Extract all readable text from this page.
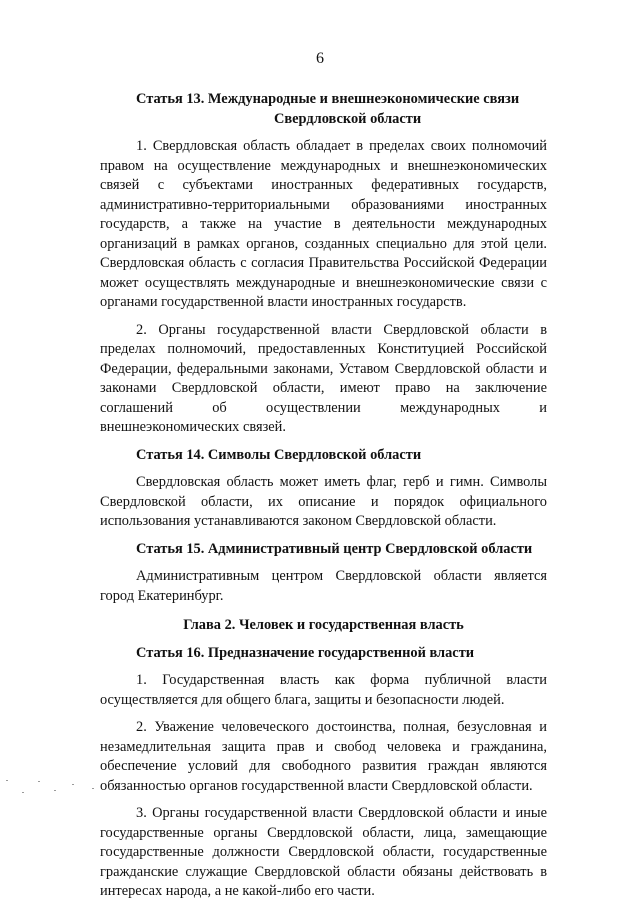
6
Статья 13. Международные и внешнеэкономические связи
Свердловской области

1. Свердловская область обладает в пределах своих полномочий правом на осуществление международных и внешнеэкономических связей с субъектами иностранных федеративных государств, административно-территориальными образованиями иностранных государств, а также на участие в деятельности международных организаций в рамках органов, созданных специально для этой цели. Свердловская область с согласия Правительства Российской Федерации может осуществлять международные и внешнеэкономические связи с органами государственной власти иностранных государств.

2. Органы государственной власти Свердловской области в пределах полномочий, предоставленных Конституцией Российской Федерации, федеральными законами, Уставом Свердловской области и законами Свердловской области, имеют право на заключение соглашений об осуществлении международных и внешнеэкономических связей.

Статья 14. Символы Свердловской области

Свердловская область может иметь флаг, герб и гимн. Символы Свердловской области, их описание и порядок официального использования устанавливаются законом Свердловской области.

Статья 15. Административный центр Свердловской области

Административным центром Свердловской области является город Екатеринбург.

Глава 2. Человек и государственная власть
Статья 16. Предназначение государственной власти

1. Государственная власть как форма публичной власти осуществляется для общего блага, защиты и безопасности людей.

2. Уважение человеческого достоинства, полная, безусловная и незамедлительная защита прав и свобод человека и гражданина, обеспечение условий для свободного развития граждан являются обязанностью органов государственной власти Свердловской области.

3. Органы государственной власти Свердловской области и иные государственные органы Свердловской области, лица, замещающие государственные должности Свердловской области, государственные гражданские служащие Свердловской области обязаны действовать в интересах народа, а не какой-либо его части.
